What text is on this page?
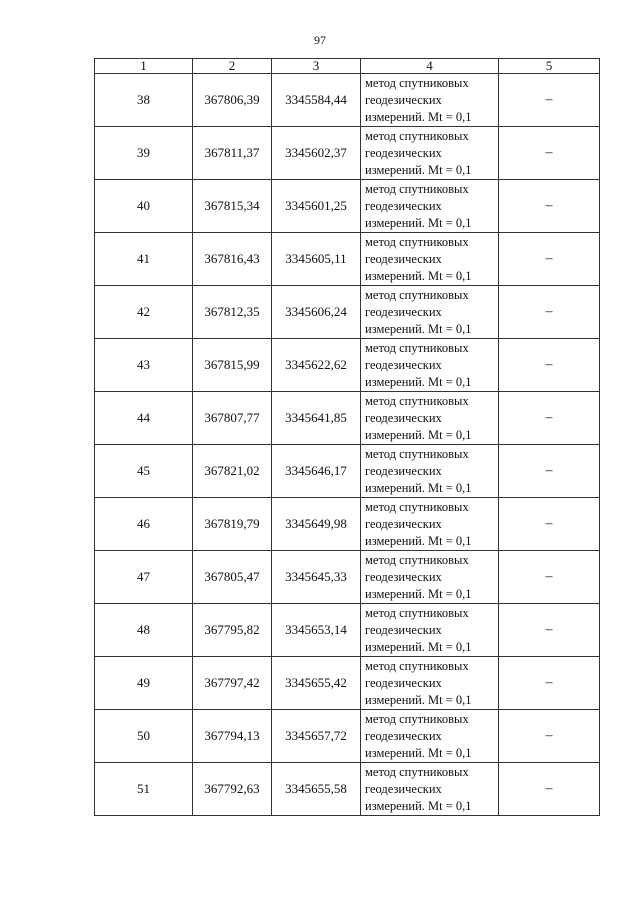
97
1	2	3	4	5
38	367806,39	3345584,44	метод спутниковых
геодезических
измерений. Mt = 0,1	–
39	367811,37	3345602,37	метод спутниковых
геодезических
измерений. Mt = 0,1	–
40	367815,34	3345601,25	метод спутниковых
геодезических
измерений. Mt = 0,1	–
41	367816,43	3345605,11	метод спутниковых
геодезических
измерений. Mt = 0,1	–
42	367812,35	3345606,24	метод спутниковых
геодезических
измерений. Mt = 0,1	–
43	367815,99	3345622,62	метод спутниковых
геодезических
измерений. Mt = 0,1	–
44	367807,77	3345641,85	метод спутниковых
геодезических
измерений. Mt = 0,1	–
45	367821,02	3345646,17	метод спутниковых
геодезических
измерений. Mt = 0,1	–
46	367819,79	3345649,98	метод спутниковых
геодезических
измерений. Mt = 0,1	–
47	367805,47	3345645,33	метод спутниковых
геодезических
измерений. Mt = 0,1	–
48	367795,82	3345653,14	метод спутниковых
геодезических
измерений. Mt = 0,1	–
49	367797,42	3345655,42	метод спутниковых
геодезических
измерений. Mt = 0,1	–
50	367794,13	3345657,72	метод спутниковых
геодезических
измерений. Mt = 0,1	–
51	367792,63	3345655,58	метод спутниковых
геодезических
измерений. Mt = 0,1	–
